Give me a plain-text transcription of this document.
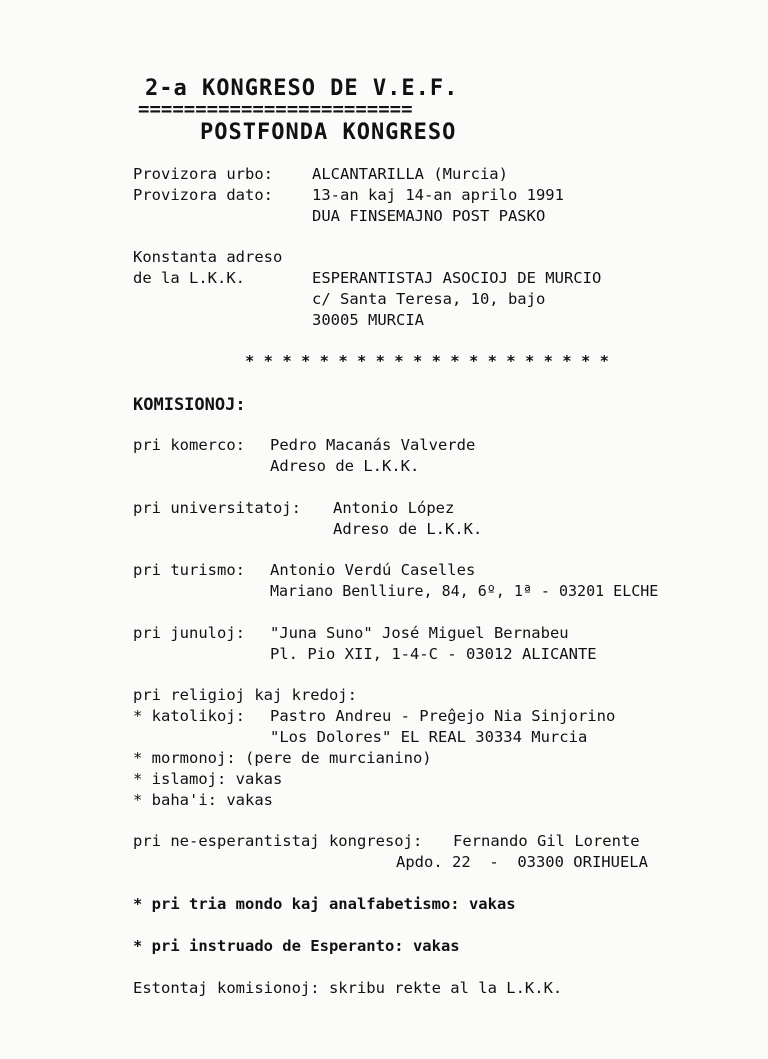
2-a KONGRESO DE V.E.F.
========================
POSTFONDA KONGRESO
Provizora urbo:	ALCANTARILLA (Murcia)
Provizora dato:	13-an kaj 14-an aprilo 1991
DUA FINSEMAJNO POST PASKO
Konstanta adreso
de la L.K.K.	ESPERANTISTAJ ASOCIOJ DE MURCIO
c/ Santa Teresa, 10, bajo
30005 MURCIA
* * * * * * * * * * * * * * * * * * * *
KOMISIONOJ:
pri komerco: Pedro Macanás Valverde
Adreso de L.K.K.
pri universitatoj: Antonio López
Adreso de L.K.K.
pri turismo: Antonio Verdú Caselles
Mariano Benlliure, 84, 6º, 1ª - 03201 ELCHE
pri junuloj: "Juna Suno" José Miguel Bernabeu
Pl. Pio XII, 1-4-C - 03012 ALICANTE
pri religioj kaj kredoj:
* katolikoj: Pastro Andreu - Preĝejo Nia Sinjorino
"Los Dolores" EL REAL 30334 Murcia
* mormonoj: (pere de murcianino)
* islamoj: vakas
* baha'i: vakas
pri ne-esperantistaj kongresoj: Fernando Gil Lorente
Apdo. 22  -  03300 ORIHUELA
* pri tria mondo kaj analfabetismo: vakas
* pri instruado de Esperanto: vakas
Estontaj komisionoj: skribu rekte al la L.K.K.
